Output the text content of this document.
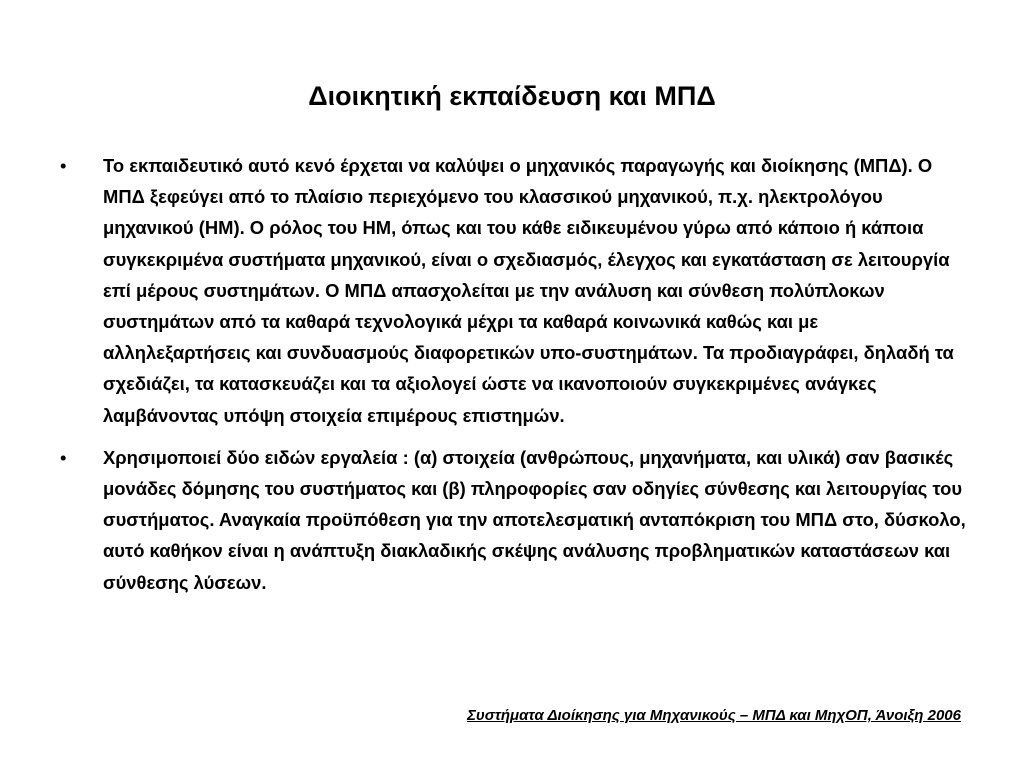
Διοικητική εκπαίδευση και ΜΠΔ
•	Το εκπαιδευτικό αυτό κενό έρχεται να καλύψει ο μηχανικός παραγωγής και διοίκησης (ΜΠΔ). Ο ΜΠΔ ξεφεύγει από το πλαίσιο περιεχόμενο του κλασσικού μηχανικού, π.χ. ηλεκτρολόγου μηχανικού (ΗΜ). Ο ρόλος του ΗΜ, όπως και του κάθε ειδικευμένου γύρω από κάποιο ή κάποια συγκεκριμένα συστήματα μηχανικού, είναι ο σχεδιασμός, έλεγχος και εγκατάσταση σε λειτουργία επί μέρους συστημάτων. Ο ΜΠΔ απασχολείται με την ανάλυση και σύνθεση πολύπλοκων συστημάτων από τα καθαρά τεχνολογικά μέχρι τα καθαρά κοινωνικά καθώς και με αλληλεξαρτήσεις και συνδυασμούς διαφορετικών υπο-συστημάτων. Τα προδιαγράφει, δηλαδή τα σχεδιάζει, τα κατασκευάζει και τα αξιολογεί ώστε να ικανοποιούν συγκεκριμένες ανάγκες λαμβάνοντας υπόψη στοιχεία επιμέρους επιστημών.
•	Χρησιμοποιεί δύο ειδών εργαλεία : (α) στοιχεία (ανθρώπους, μηχανήματα, και υλικά) σαν βασικές μονάδες δόμησης του συστήματος και (β) πληροφορίες σαν οδηγίες σύνθεσης και λειτουργίας του συστήματος. Αναγκαία προϋπόθεση για την αποτελεσματική ανταπόκριση του ΜΠΔ στο, δύσκολο, αυτό καθήκον είναι η ανάπτυξη διακλαδικής σκέψης ανάλυσης προβληματικών καταστάσεων και σύνθεσης λύσεων.
Συστήματα Διοίκησης για Μηχανικούς – ΜΠΔ και ΜηχΟΠ, Άνοιξη 2006
